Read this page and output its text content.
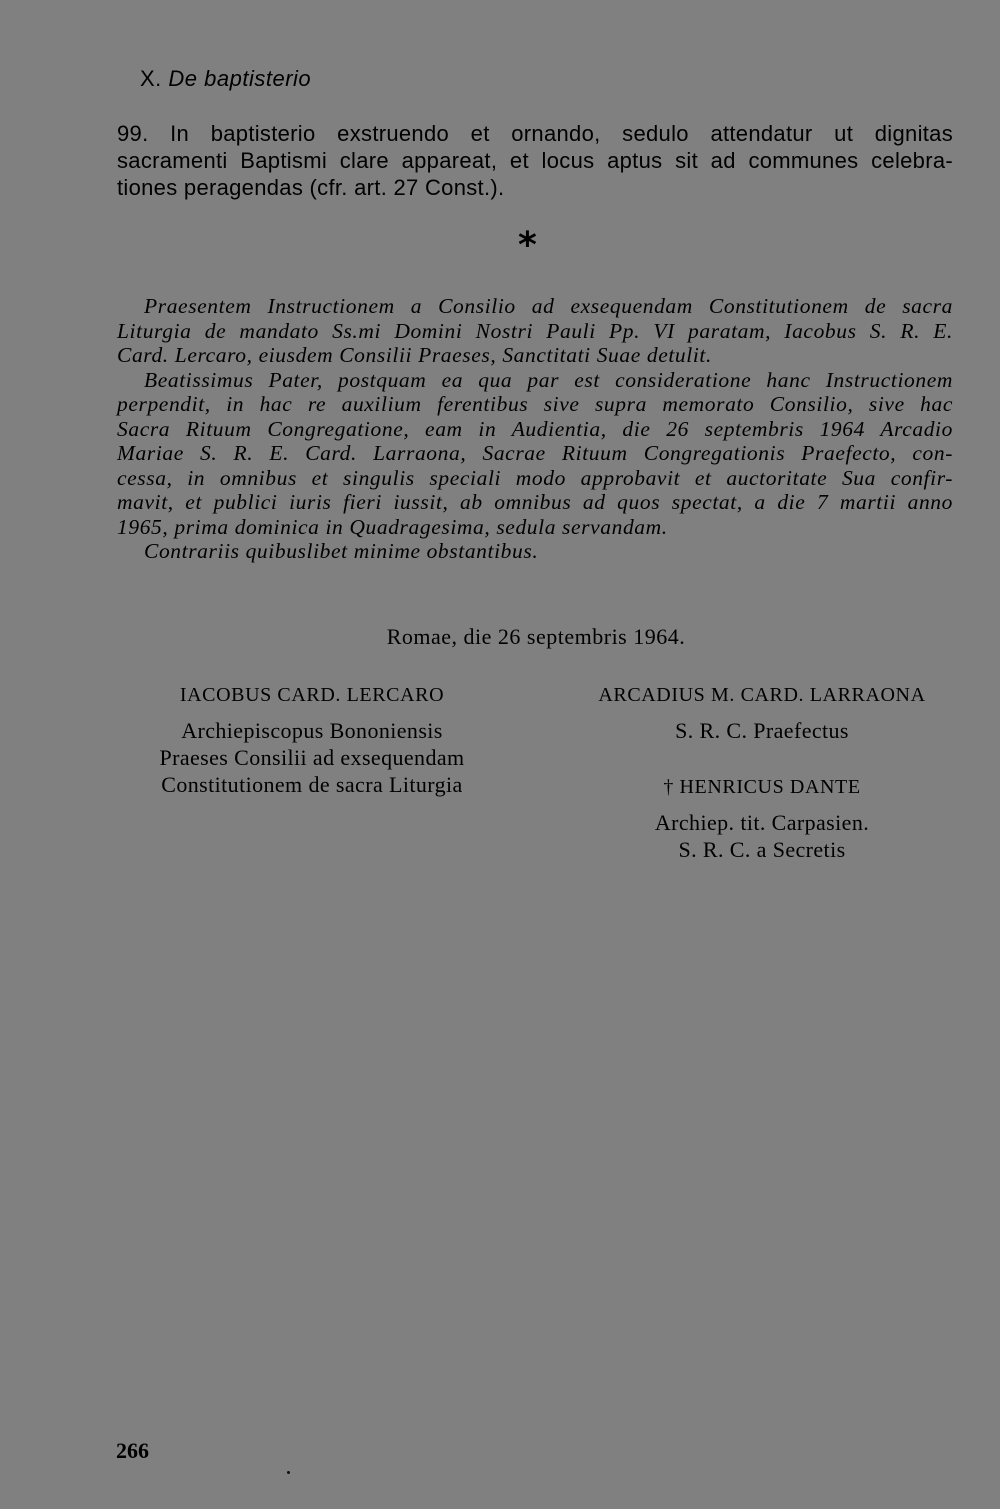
X. De baptisterio
99. In baptisterio exstruendo et ornando, sedulo attendatur ut dignitas
sacramenti Baptismi clare appareat, et locus aptus sit ad communes celebra-
tiones peragendas (cfr. art. 27 Const.).
*
Praesentem Instructionem a Consilio ad exsequendam Constitutionem de sacra
Liturgia de mandato Ss.mi Domini Nostri Pauli Pp. VI paratam, Iacobus S. R. E.
Card. Lercaro, eiusdem Consilii Praeses, Sanctitati Suae detulit.
Beatissimus Pater, postquam ea qua par est consideratione hanc Instructionem
perpendit, in hac re auxilium ferentibus sive supra memorato Consilio, sive hac
Sacra Rituum Congregatione, eam in Audientia, die 26 septembris 1964 Arcadio
Mariae S. R. E. Card. Larraona, Sacrae Rituum Congregationis Praefecto, con-
cessa, in omnibus et singulis speciali modo approbavit et auctoritate Sua confir-
mavit, et publici iuris fieri iussit, ab omnibus ad quos spectat, a die 7 martii anno
1965, prima dominica in Quadragesima, sedula servandam.
Contrariis quibuslibet minime obstantibus.
Romae, die 26 septembris 1964.
IACOBUS CARD. LERCARO
Archiepiscopus Bononiensis
Praeses Consilii ad exsequendam
Constitutionem de sacra Liturgia
ARCADIUS M. CARD. LARRAONA
S. R. C. Praefectus
† HENRICUS DANTE
Archiep. tit. Carpasien.
S. R. C. a Secretis
266
